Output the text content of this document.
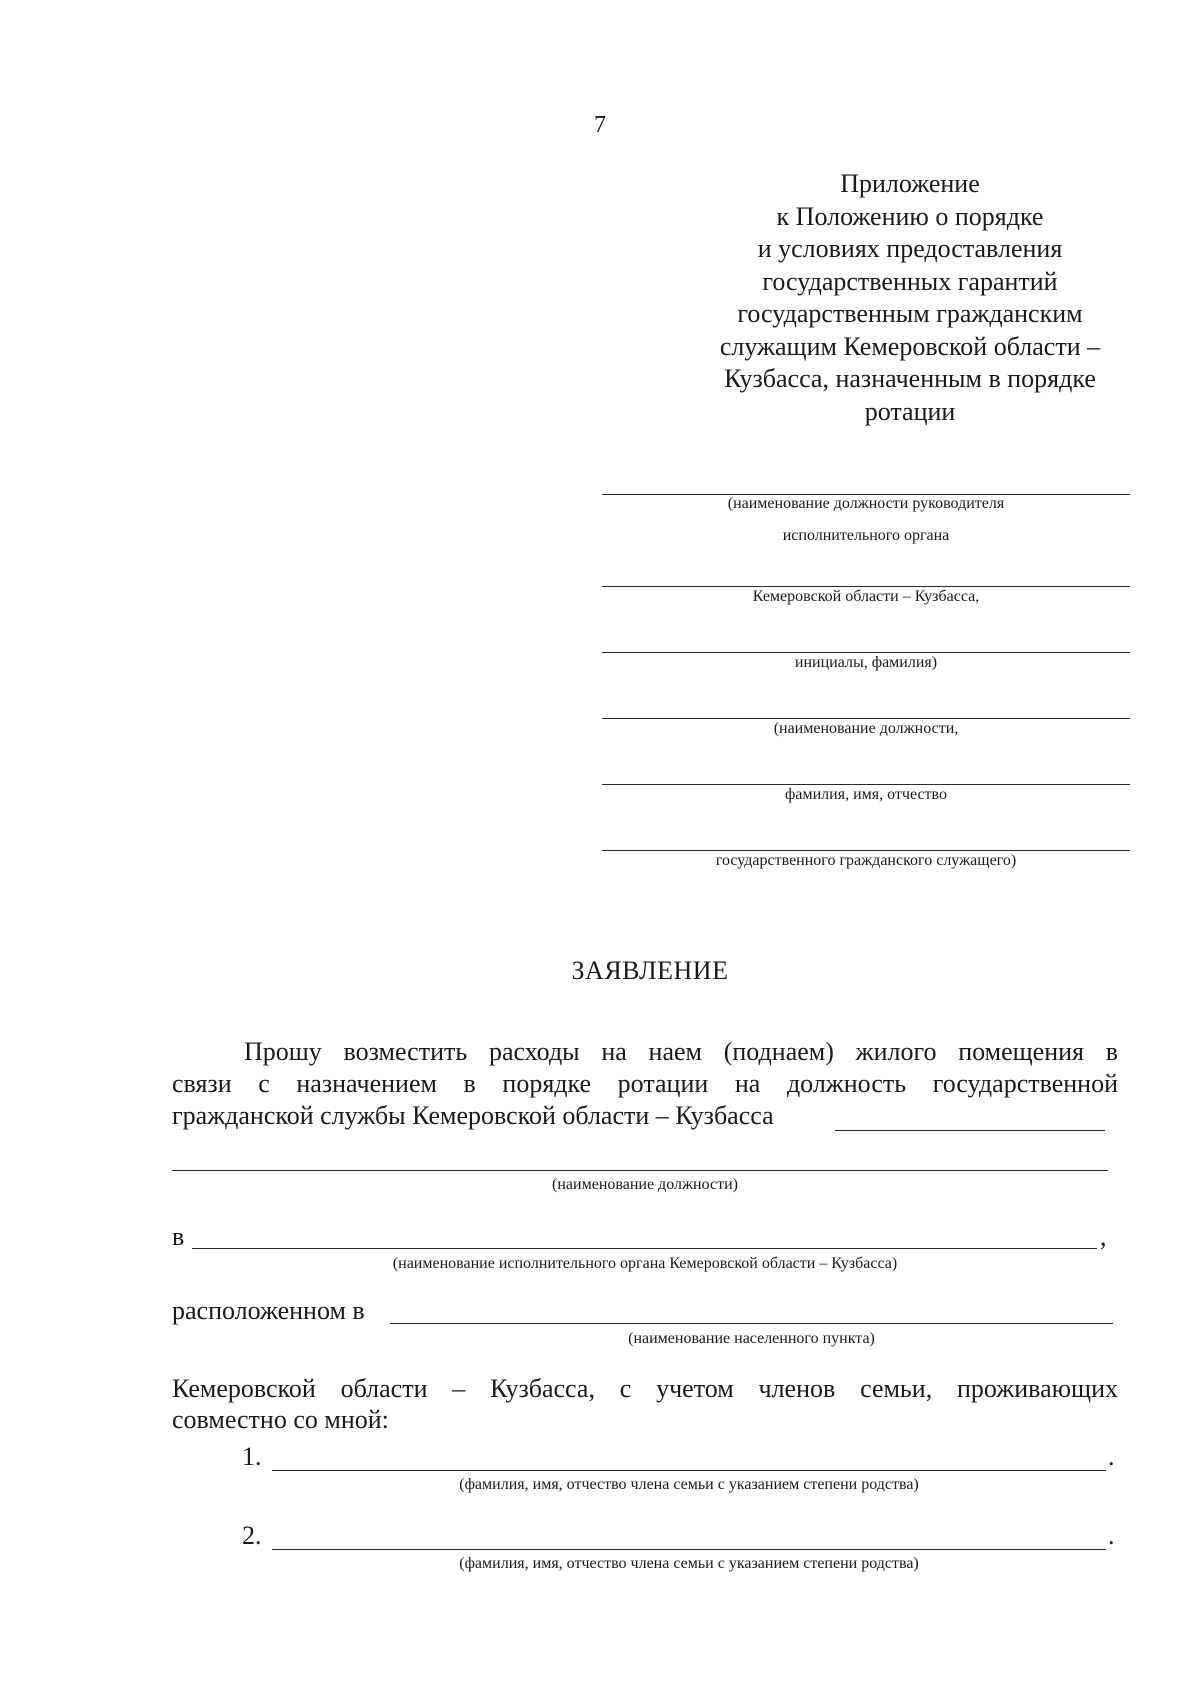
7
Приложение
к Положению о порядке
и условиях предоставления
государственных гарантий
государственным гражданским
служащим Кемеровской области –
Кузбасса, назначенным в порядке
ротации
(наименование должности руководителя
исполнительного органа
Кемеровской области – Кузбасса,
инициалы, фамилия)
(наименование должности,
фамилия, имя, отчество
государственного гражданского служащего)
ЗАЯВЛЕНИЕ
Прошу возместить расходы на наем (поднаем) жилого помещения в
связи с назначением в порядке ротации на должность государственной
гражданской службы Кемеровской области – Кузбасса
(наименование должности)
в	,
(наименование исполнительного органа Кемеровской области – Кузбасса)
расположенном в
(наименование населенного пункта)
Кемеровской области – Кузбасса, с учетом членов семьи, проживающих
совместно со мной:
1.	.
(фамилия, имя, отчество члена семьи с указанием степени родства)
2.	.
(фамилия, имя, отчество члена семьи с указанием степени родства)
